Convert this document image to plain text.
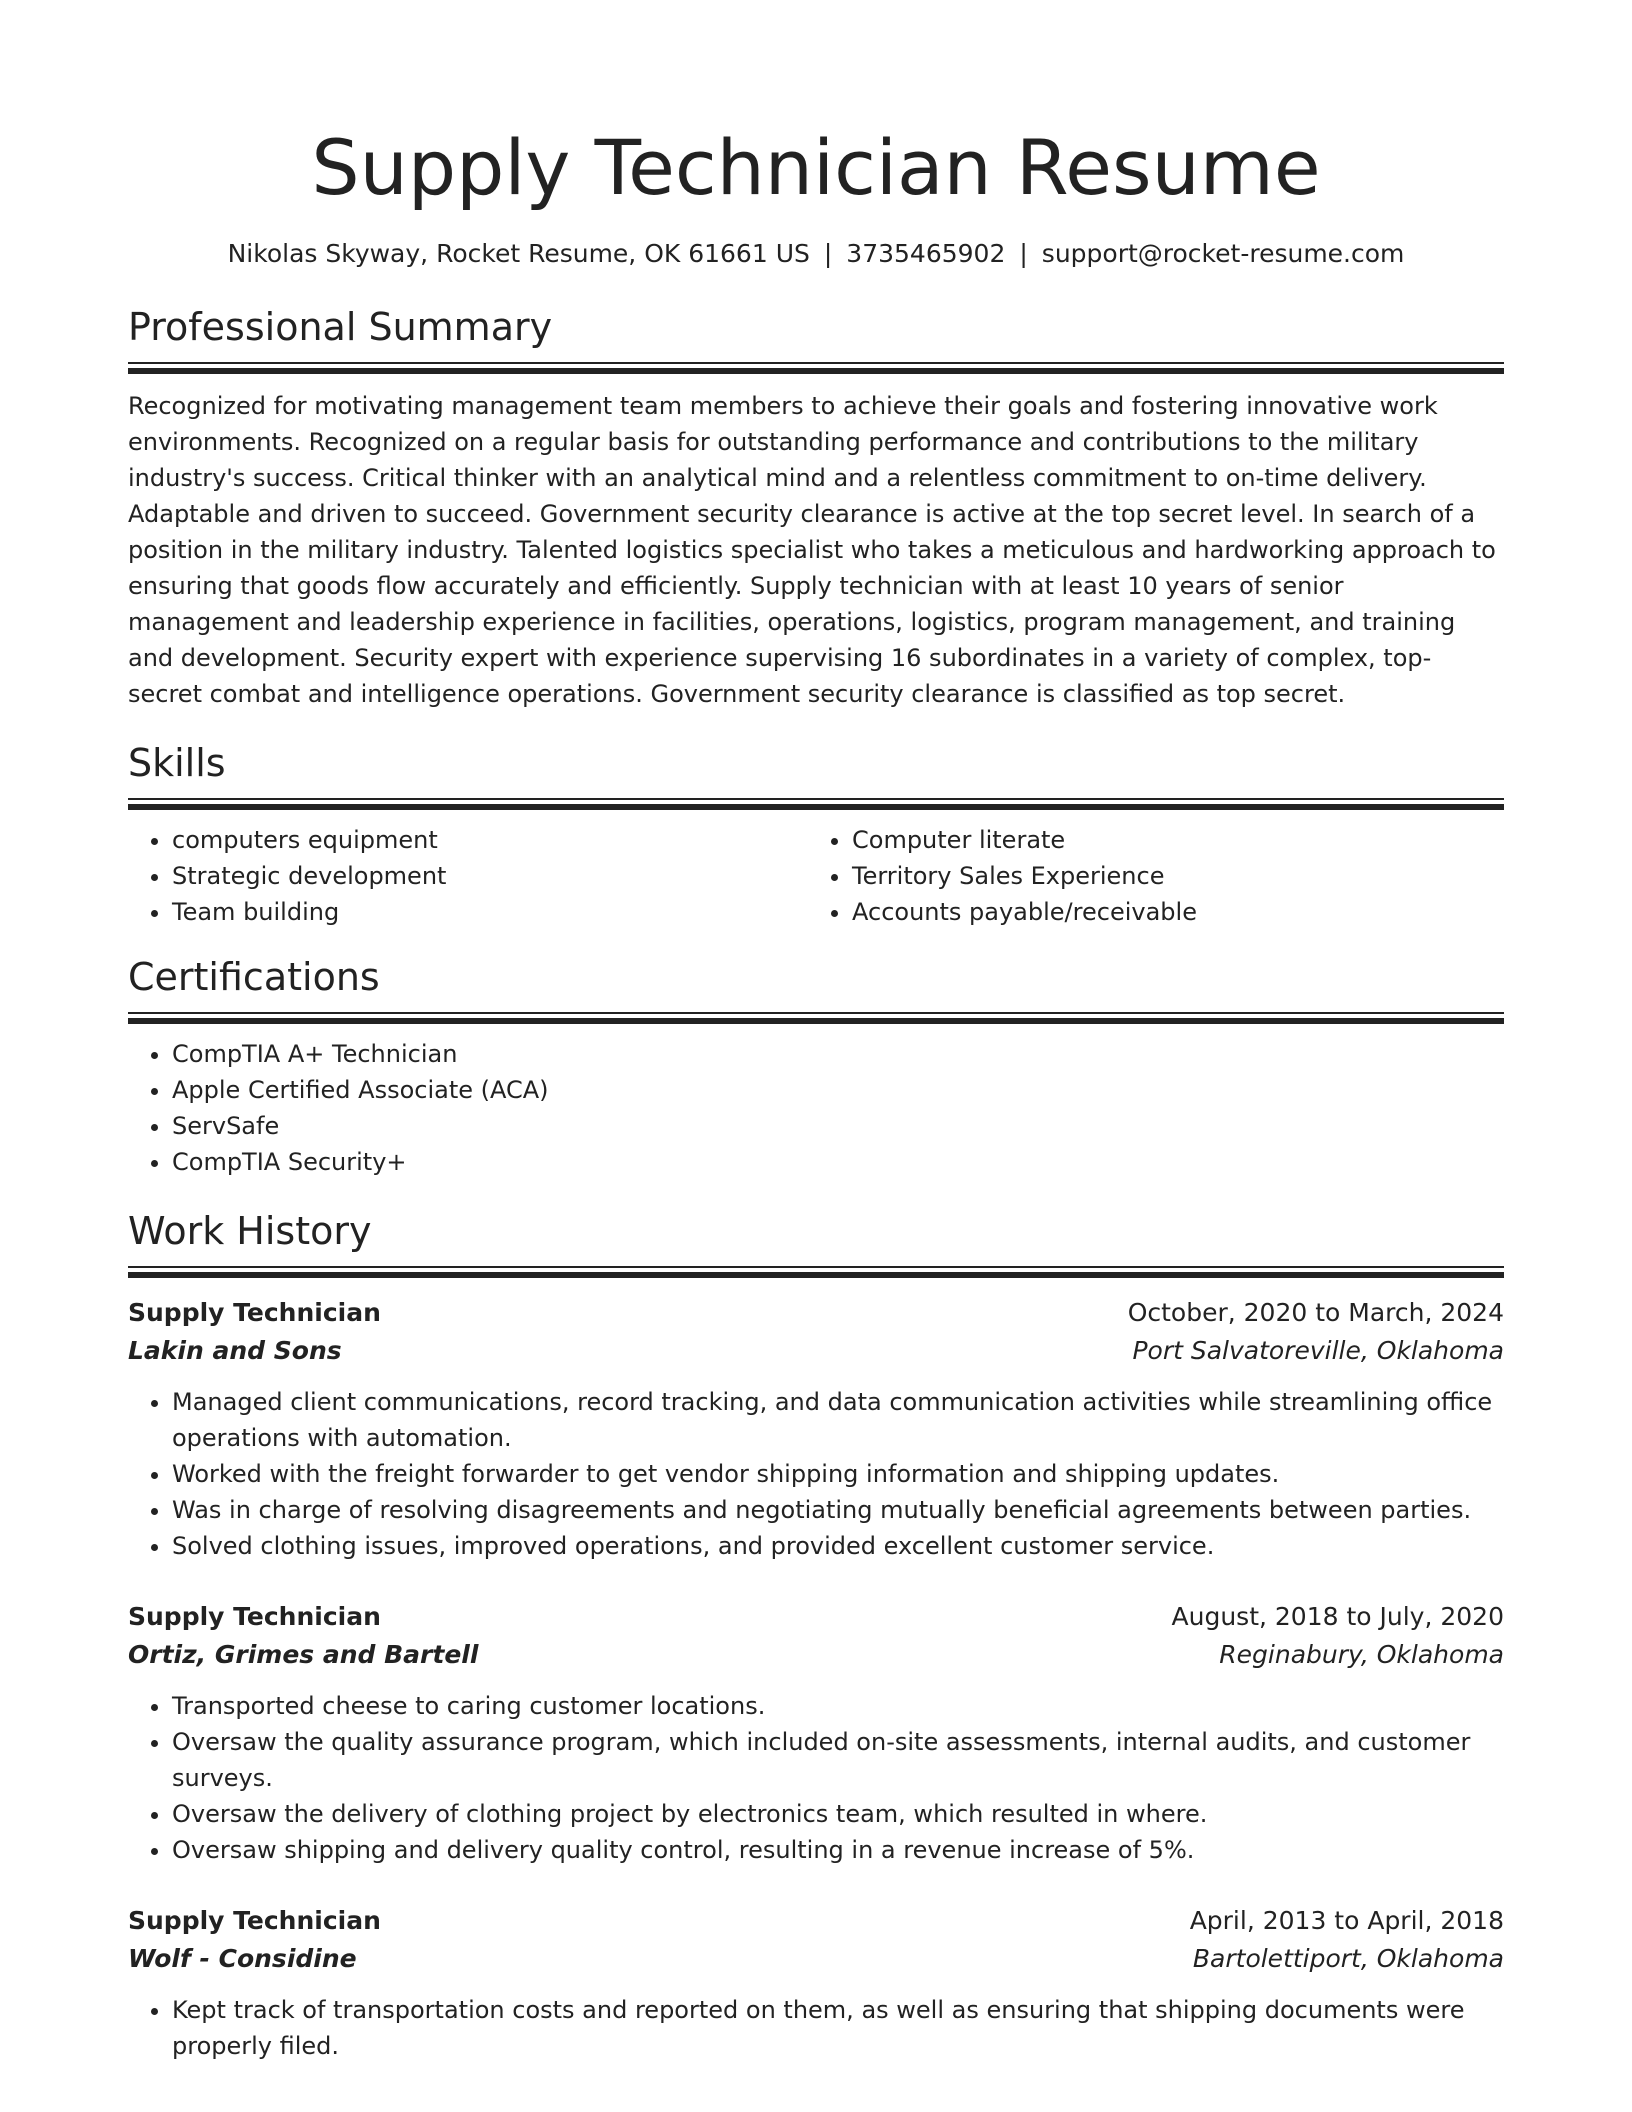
Supply Technician Resume
Nikolas Skyway, Rocket Resume, OK 61661 US | 3735465902 | support@rocket-resume.com
Professional Summary

Recognized for motivating management team members to achieve their goals and fostering innovative work environments. Recognized on a regular basis for outstanding performance and contributions to the military industry's success. Critical thinker with an analytical mind and a relentless commitment to on-time delivery. Adaptable and driven to succeed. Government security clearance is active at the top secret level. In search of a position in the military industry. Talented logistics specialist who takes a meticulous and hardworking approach to ensuring that goods flow accurately and efficiently. Supply technician with at least 10 years of senior management and leadership experience in facilities, operations, logistics, program management, and training and development. Security expert with experience supervising 16 subordinates in a variety of complex, top-secret combat and intelligence operations. Government security clearance is classified as top secret.

Skills
• computers equipment
• Strategic development
• Team building
• Computer literate
• Territory Sales Experience
• Accounts payable/receivable
Certifications
• CompTIA A+ Technician
• Apple Certified Associate (ACA)
• ServSafe
• CompTIA Security+
Work History
Supply Technician	October, 2020 to March, 2024
Lakin and Sons	Port Salvatoreville, Oklahoma
• Managed client communications, record tracking, and data communication activities while streamlining office operations with automation.
• Worked with the freight forwarder to get vendor shipping information and shipping updates.
• Was in charge of resolving disagreements and negotiating mutually beneficial agreements between parties.
• Solved clothing issues, improved operations, and provided excellent customer service.
Supply Technician	August, 2018 to July, 2020
Ortiz, Grimes and Bartell	Reginabury, Oklahoma
• Transported cheese to caring customer locations.
• Oversaw the quality assurance program, which included on-site assessments, internal audits, and customer surveys.
• Oversaw the delivery of clothing project by electronics team, which resulted in where.
• Oversaw shipping and delivery quality control, resulting in a revenue increase of 5%.
Supply Technician	April, 2013 to April, 2018
Wolf - Considine	Bartolettiport, Oklahoma
• Kept track of transportation costs and reported on them, as well as ensuring that shipping documents were properly filed.
